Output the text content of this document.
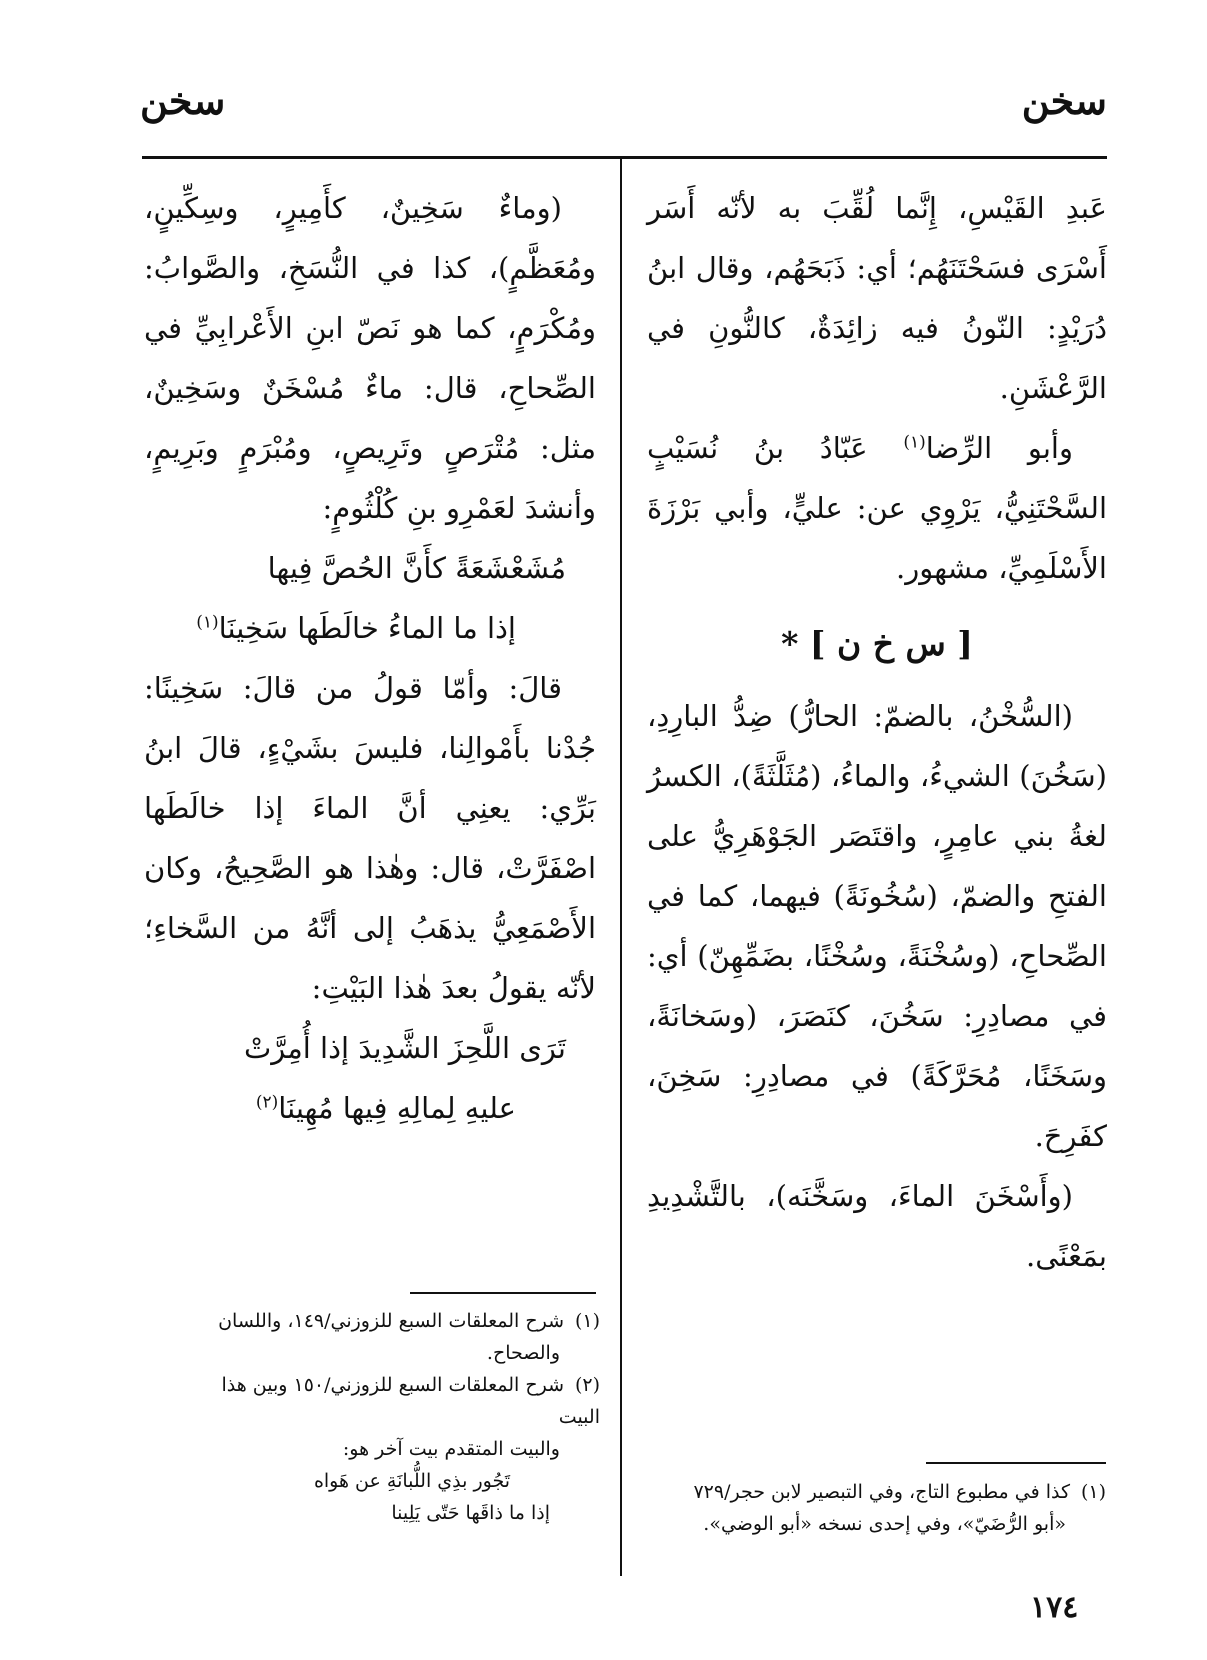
سخن
سخن

عَبدِ القَيْسِ، إِنَّما لُقِّبَ به لأنّه أَسَر أَسْرَى فسَحْتَنَهُم؛ أي: ذَبَحَهُم، وقال ابنُ دُرَيْدٍ: النّونُ فيه زائِدَةٌ، كالنُّونِ في الرَّعْشَنِ.

وأبو الرِّضا$^{(١)}$ عَبّادُ بنُ نُسَيْبٍ السَّحْتَنِيُّ، يَرْوِي عن: عليٍّ، وأبي بَرْزَةَ الأَسْلَمِيِّ، مشهور.

[ س خ ن ] *

(السُّخْنُ، بالضمّ: الحارُّ) ضِدُّ البارِدِ، (سَخُنَ) الشيءُ، والماءُ، (مُثَلَّثَةً)، الكسرُ لغةُ بني عامِرٍ، واقتَصَر الجَوْهَرِيُّ على الفتحِ والضمّ، (سُخُونَةً) فيهما، كما في الصِّحاحِ، (وسُخْنَةً، وسُخْنًا، بضَمِّهِنّ) أي: في مصادِرِ: سَخُنَ، كنَصَرَ، (وسَخانَةً، وسَخَنًا، مُحَرَّكَةً) في مصادِرِ: سَخِنَ، كفَرِحَ.

(وأَسْخَنَ الماءَ، وسَخَّنَه)، بالتَّشْدِيدِ بمَعْنًى.

(وماءٌ سَخِينٌ، كأَمِيرٍ، وسِكِّينٍ، ومُعَظَّمٍ)، كذا في النُّسَخِ، والصَّوابُ: ومُكْرَمٍ، كما هو نَصّ ابنِ الأَعْرابِيِّ في الصِّحاحِ، قال: ماءٌ مُسْخَنٌ وسَخِينٌ، مثل: مُتْرَصٍ وتَرِيصٍ، ومُبْرَمٍ وبَرِيمٍ، وأنشدَ لعَمْرِو بنِ كُلْثُومٍ:

مُشَعْشَعَةً كأَنَّ الحُصَّ فِيها
إذا ما الماءُ خالَطَها سَخِينَا$^{(١)}$

قالَ: وأمّا قولُ من قالَ: سَخِينًا: جُدْنا بأَمْوالِنا، فليسَ بشَيْءٍ، قالَ ابنُ بَرِّي: يعنِي أنَّ الماءَ إذا خالَطَها اصْفَرَّتْ، قال: وهٰذا هو الصَّحِيحُ، وكان الأَصْمَعِيُّ يذهَبُ إلى أنَّهُ من السَّخاءِ؛ لأنّه يقولُ بعدَ هٰذا البَيْتِ:

تَرَى اللَّحِزَ الشَّدِيدَ إذا أُمِرَّتْ
عليهِ لِمالِهِ فِيها مُهِينَا$^{(٢)}$

(١)شرح المعلقات السبع للزوزني/١٤٩، واللسان

والصحاح.

(٢)شرح المعلقات السبع للزوزني/١٥٠ وبين هذا البيت

والبيت المتقدم بيت آخر هو:

تَجُور بذِي اللُّبانَةِ عن هَواه

إذا ما ذاقَها حَتّى يَلِينا

(١)كذا في مطبوع التاج، وفي التبصير لابن حجر/٧٢٩

«أبو الرُّضَيّ»، وفي إحدى نسخه «أبو الوضي».

١٧٤
